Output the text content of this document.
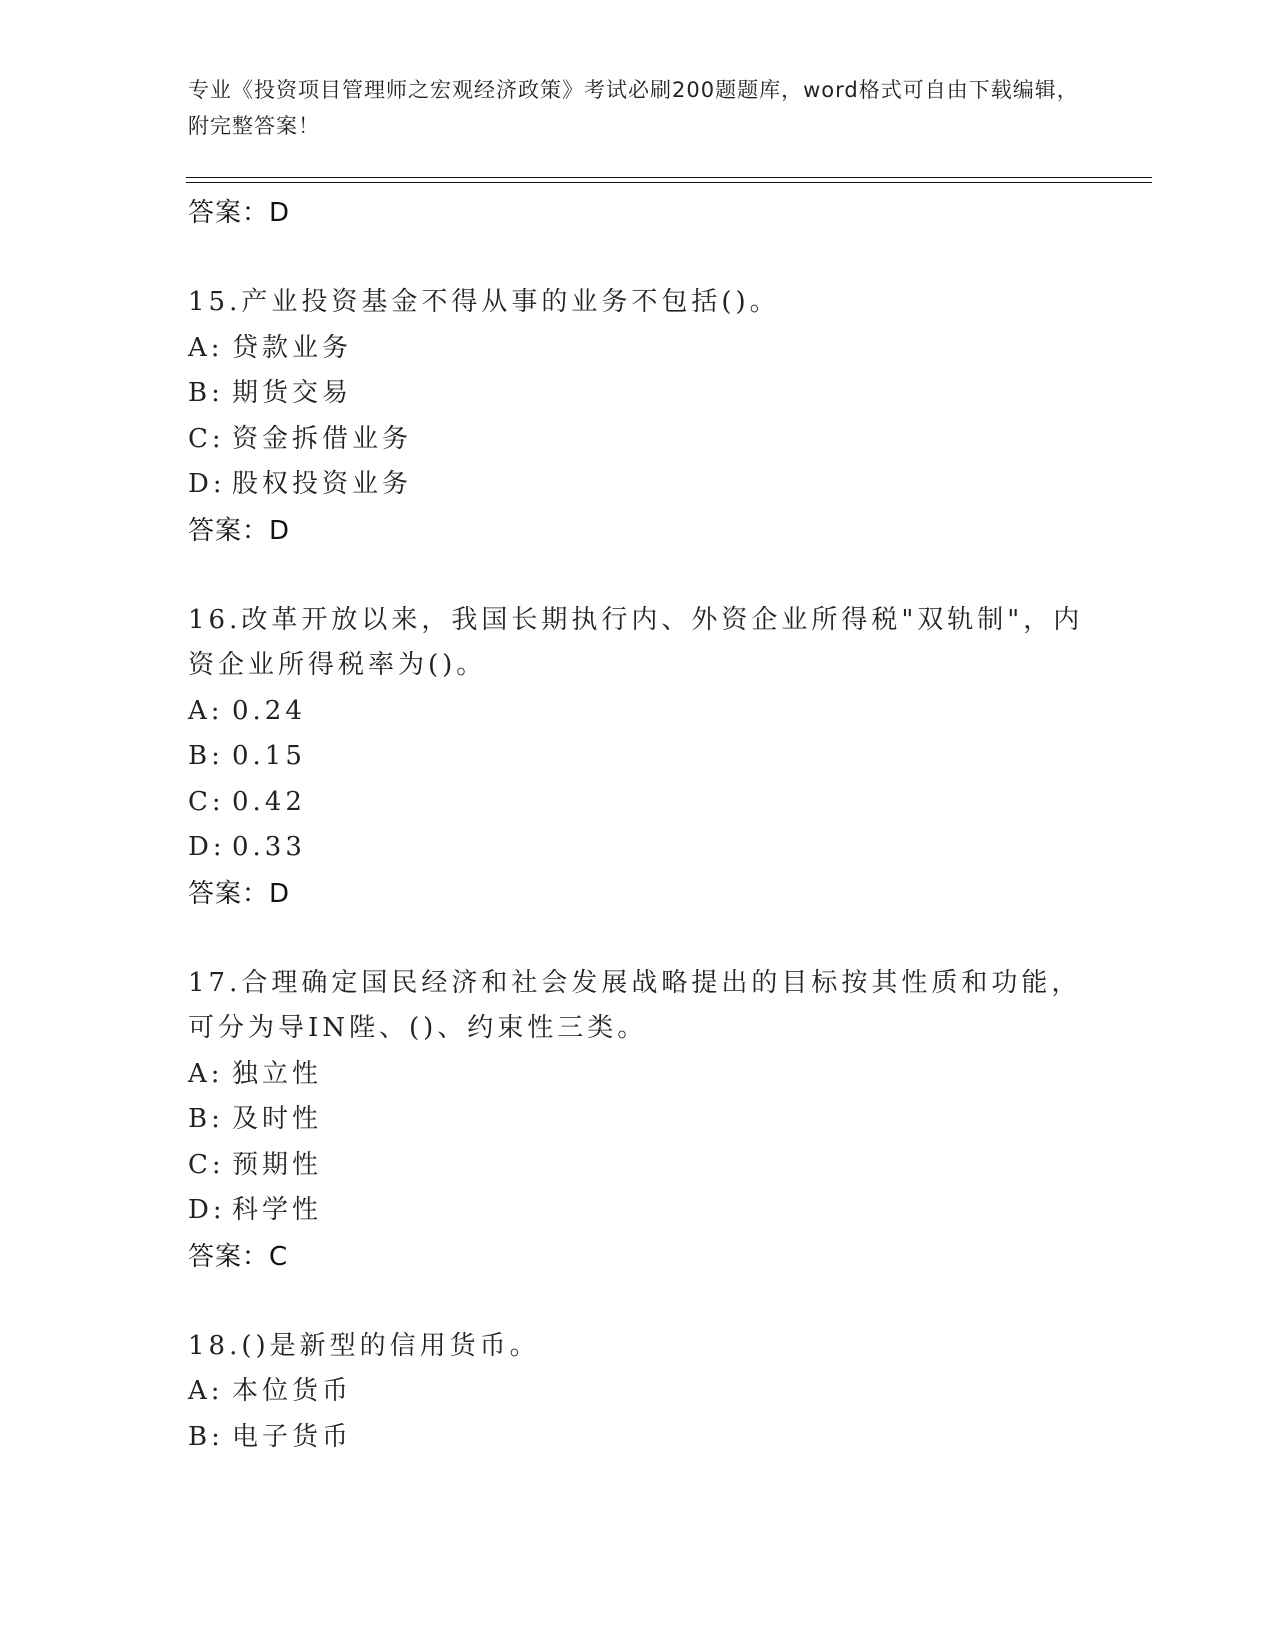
专业《投资项目管理师之宏观经济政策》考试必刷200题题库，word格式可自由下载编辑，附完整答案！
答案：D
15.产业投资基金不得从事的业务不包括()。
A: 贷款业务
B: 期货交易
C: 资金拆借业务
D: 股权投资业务
答案：D
16.改革开放以来，我国长期执行内、外资企业所得税"双轨制"，内资企业所得税率为()。
A: 0.24
B: 0.15
C: 0.42
D: 0.33
答案：D
17.合理确定国民经济和社会发展战略提出的目标按其性质和功能，可分为导IN陛、()、约束性三类。
A: 独立性
B: 及时性
C: 预期性
D: 科学性
答案：C
18.()是新型的信用货币。
A: 本位货币
B: 电子货币
